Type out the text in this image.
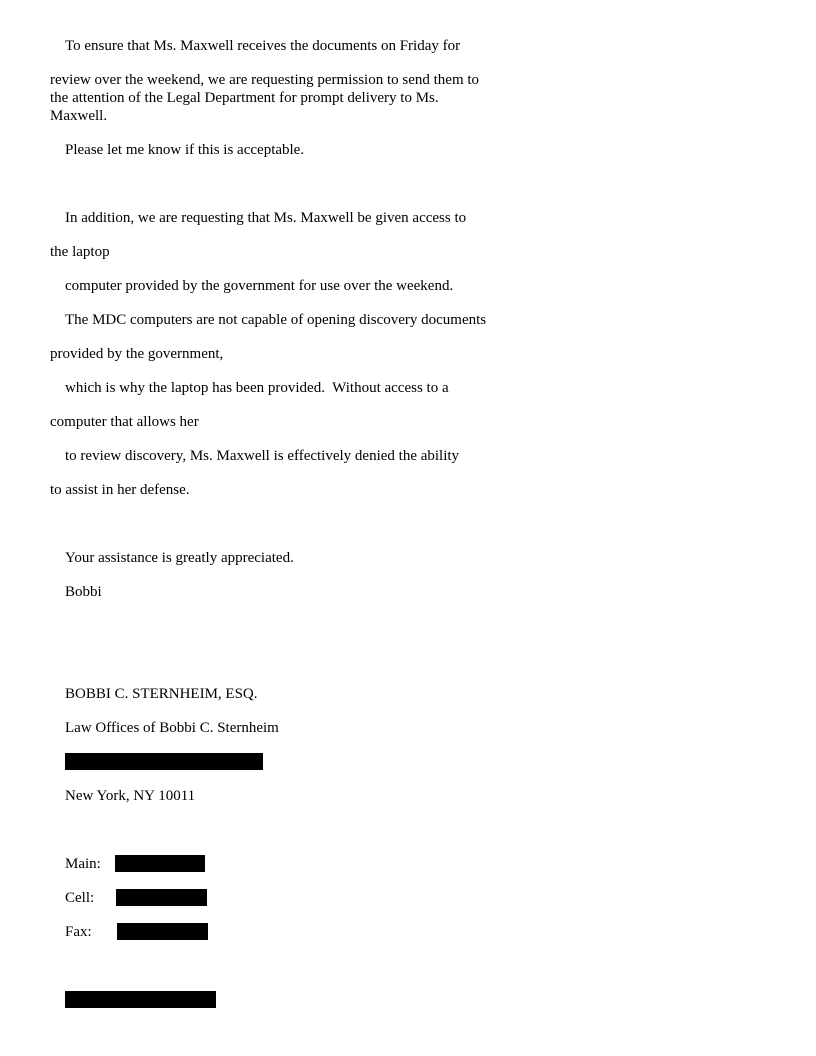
To ensure that Ms. Maxwell receives the documents on Friday for

review over the weekend, we are requesting permission to send them to

the attention of the Legal Department for prompt delivery to Ms.

Maxwell.

Please let me know if this is acceptable.

In addition, we are requesting that Ms. Maxwell be given access to

the laptop

computer provided by the government for use over the weekend.

The MDC computers are not capable of opening discovery documents

provided by the government,

which is why the laptop has been provided.  Without access to a

computer that allows her

to review discovery, Ms. Maxwell is effectively denied the ability

to assist in her defense.

Your assistance is greatly appreciated.

Bobbi

BOBBI C. STERNHEIM, ESQ.

Law Offices of Bobbi C. Sternheim

New York, NY 10011

Main:

Cell:

Fax:
